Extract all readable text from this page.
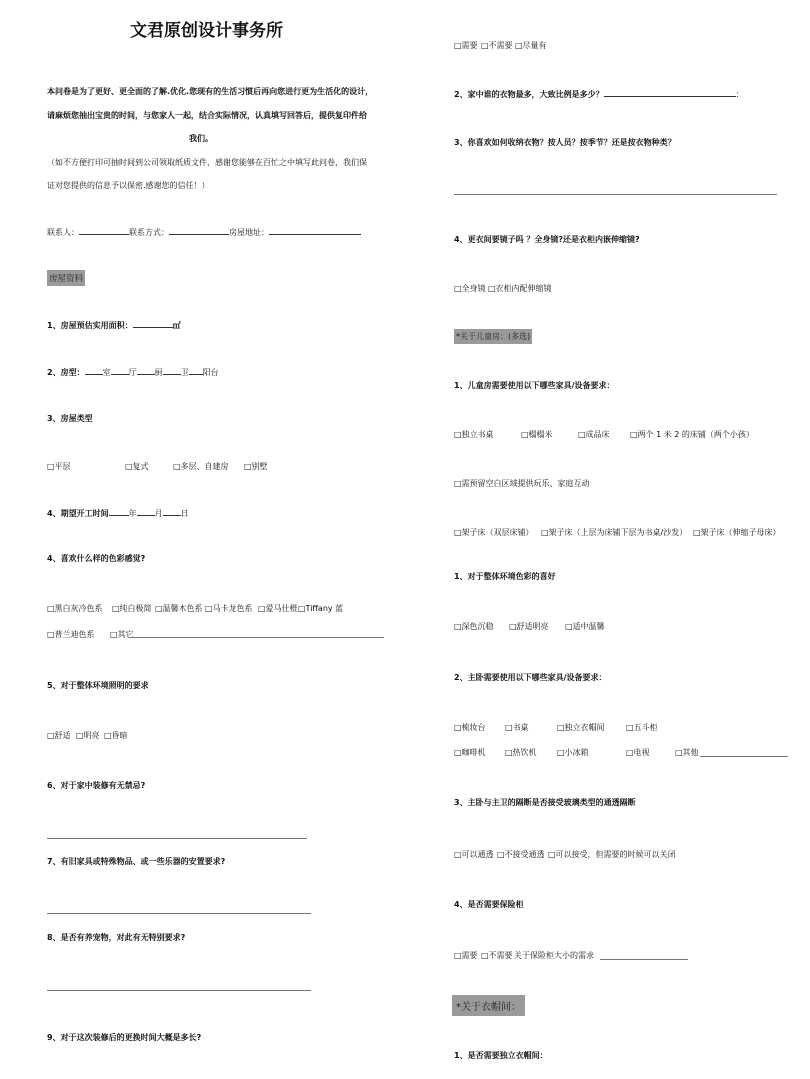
文君原创设计事务所
本问卷是为了更好、更全面的了解.优化.您现有的生活习惯后再向您进行更为生活化的设计，
请麻烦您抽出宝贵的时间，与您家人一起，结合实际情况，认真填写回答后，提供复印件给
我们。
（如不方便打印可抽时间到公司领取纸质文件，感谢您能够在百忙之中填写此问卷，我们保
证对您提供的信息予以保密.感谢您的信任！）
联系人：	联系方式：	房屋地址：
房屋资料
1、房屋预估实用面积：	㎡
2、房型： 室 厅 厨 卫 阳台
3、房屋类型
□平层	□复式	□多层、自建房 □别墅
4、期望开工时间	年 月 日
4、喜欢什么样的色彩感觉?
□黑白灰冷色系 □纯白极简 □温馨木色系 □马卡龙色系 □爱马仕橙 □Tiffany 蓝
□普兰迪色系 □其它
5、对于整体环境照明的要求
□舒适 □明亮 □昏暗
6、对于家中装修有无禁忌?
7、有旧家具或特殊物品、或一些乐器的安置要求?
8、是否有养宠物，对此有无特别要求?
9、对于这次装修后的更换时间大概是多长?
□需要 □不需要 □尽量有
2、家中谁的衣物最多，大致比例是多少？	：
3、你喜欢如何收纳衣物？按人员？按季节？还是按衣物种类？
4、更衣间要镜子吗 ？全身镜?还是衣柜内嵌伸缩镜?
□全身镜 □衣柜内配伸缩镜
*关于儿童房：(多选)
1、儿童房需要使用以下哪些家具/设备要求：
□独立书桌	□榻榻米	□成品床	□两个 1 米 2 的床铺（两个小孩）
□需预留空白区域提供玩乐、家庭互动
□架子床（双层床铺） □架子床（上层为床铺下层为书桌/沙发） □架子床（伸缩子母床）
1、对于整体环境色彩的喜好
□深色沉稳 □舒适明亮 □适中温馨
2、主卧需要使用以下哪些家具/设备要求：
□梳妆台 □书桌	□独立衣帽间	□五斗柜
□咖啡机 □热饮机	□小冰箱	□电视	□其他
3、主卧与主卫的隔断是否接受玻璃类型的通透隔断
□可以通透 □不接受通透 □可以接受，但需要的时候可以关闭
4、是否需要保险柜
□需要 □不需要 关于保险柜大小的需求
*关于衣帽间：
1、是否需要独立衣帽间：
